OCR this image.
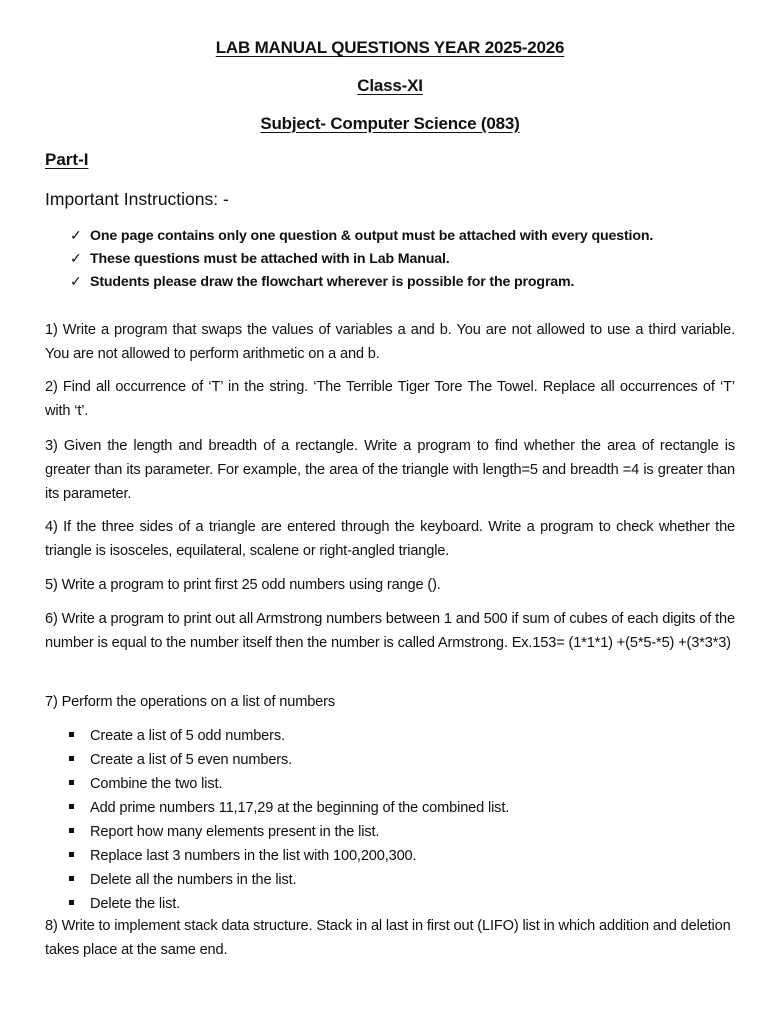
LAB MANUAL QUESTIONS YEAR 2025-2026
Class-XI
Subject- Computer Science (083)
Part-I
Important Instructions: -
✓ One page contains only one question & output must be attached with every question.
✓ These questions must be attached with in Lab Manual.
✓ Students please draw the flowchart wherever is possible for the program.
1) Write a program that swaps the values of variables a and b. You are not allowed to use a third variable. You are not allowed to perform arithmetic on a and b.
2) Find all occurrence of ‘T’ in the string. ‘The Terrible Tiger Tore The Towel. Replace all occurrences of ‘T’ with ‘t’.
3) Given the length and breadth of a rectangle. Write a program to find whether the area of rectangle is greater than its parameter. For example, the area of the triangle with length=5 and breadth =4 is greater than its parameter.
4) If the three sides of a triangle are entered through the keyboard. Write a program to check whether the triangle is isosceles, equilateral, scalene or right-angled triangle.
5) Write a program to print first 25 odd numbers using range ().
6) Write a program to print out all Armstrong numbers between 1 and 500 if sum of cubes of each digits of the number is equal to the number itself then the number is called Armstrong. Ex.153= (1*1*1) +(5*5-*5) +(3*3*3)
7) Perform the operations on a list of numbers
Create a list of 5 odd numbers.
Create a list of 5 even numbers.
Combine the two list.
Add prime numbers 11,17,29 at the beginning of the combined list.
Report how many elements present in the list.
Replace last 3 numbers in the list with 100,200,300.
Delete all the numbers in the list.
Delete the list.
8) Write to implement stack data structure. Stack in al last in first out (LIFO) list in which addition and deletion takes place at the same end.
